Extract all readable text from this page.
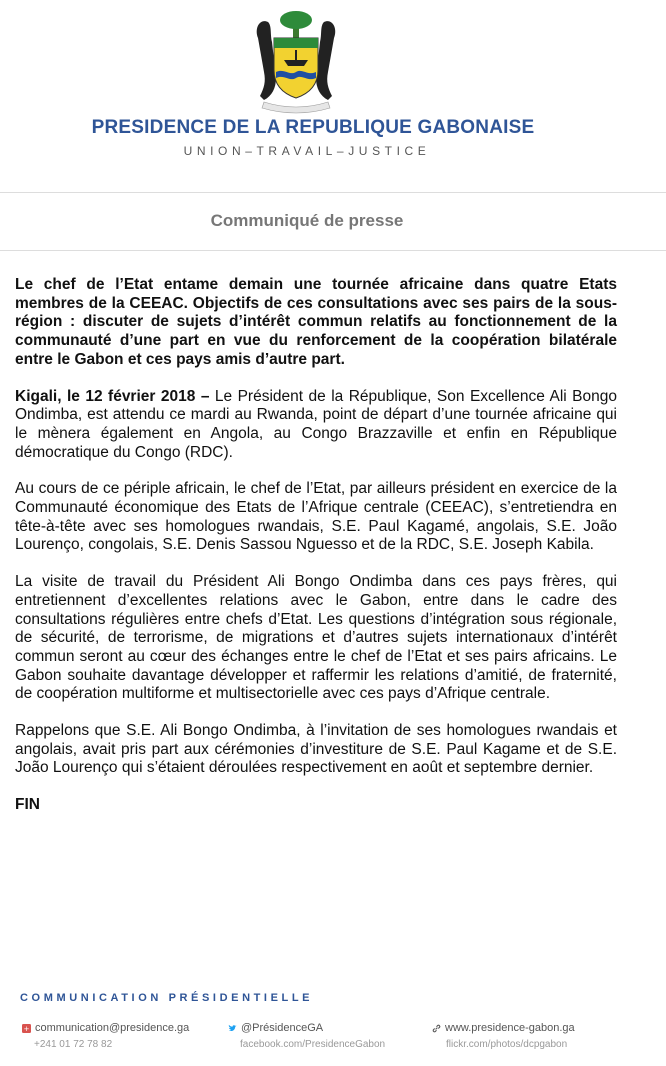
PRESIDENCE DE LA REPUBLIQUE GABONAISE
UNION–TRAVAIL–JUSTICE
Communiqué de presse

Le chef de l’Etat entame demain une tournée africaine dans quatre Etats membres de la CEEAC. Objectifs de ces consultations avec ses pairs de la sous-région : discuter de sujets d’intérêt commun relatifs au fonctionnement de la communauté d’une part en vue du renforcement de la coopération bilatérale entre le Gabon et ces pays amis d’autre part.

Kigali, le 12 février 2018 – Le Président de la République, Son Excellence Ali Bongo Ondimba, est attendu ce mardi au Rwanda, point de départ d’une tournée africaine qui le mènera également en Angola, au Congo Brazzaville et enfin en République démocratique du Congo (RDC).

Au cours de ce périple africain, le chef de l’Etat, par ailleurs président en exercice de la Communauté économique des Etats de l’Afrique centrale (CEEAC), s’entretiendra en tête-à-tête avec ses homologues rwandais, S.E. Paul Kagamé, angolais, S.E. João Lourenço, congolais, S.E. Denis Sassou Nguesso et de la RDC, S.E. Joseph Kabila.

La visite de travail du Président Ali Bongo Ondimba dans ces pays frères, qui entretiennent d’excellentes relations avec le Gabon, entre dans le cadre des consultations régulières entre chefs d’Etat. Les questions d’intégration sous régionale, de sécurité, de terrorisme, de migrations et d’autres sujets internationaux d’intérêt commun seront au cœur des échanges entre le chef de l’Etat et ses pairs africains. Le Gabon souhaite davantage développer et raffermir les relations d’amitié, de fraternité, de coopération multiforme et multisectorielle avec ces pays d’Afrique centrale.

Rappelons que S.E. Ali Bongo Ondimba, à l’invitation de ses homologues rwandais et angolais, avait pris part aux cérémonies d’investiture de S.E. Paul Kagame et de S.E. João Lourenço qui s’étaient déroulées respectivement en août et septembre dernier.

FIN

COMMUNICATION PRÉSIDENTIELLE
+ communication@presidence.ga	@PrésidenceGA	www.presidence-gabon.ga
+241 01 72 78 82	facebook.com/PresidenceGabon	flickr.com/photos/dcpgabon
